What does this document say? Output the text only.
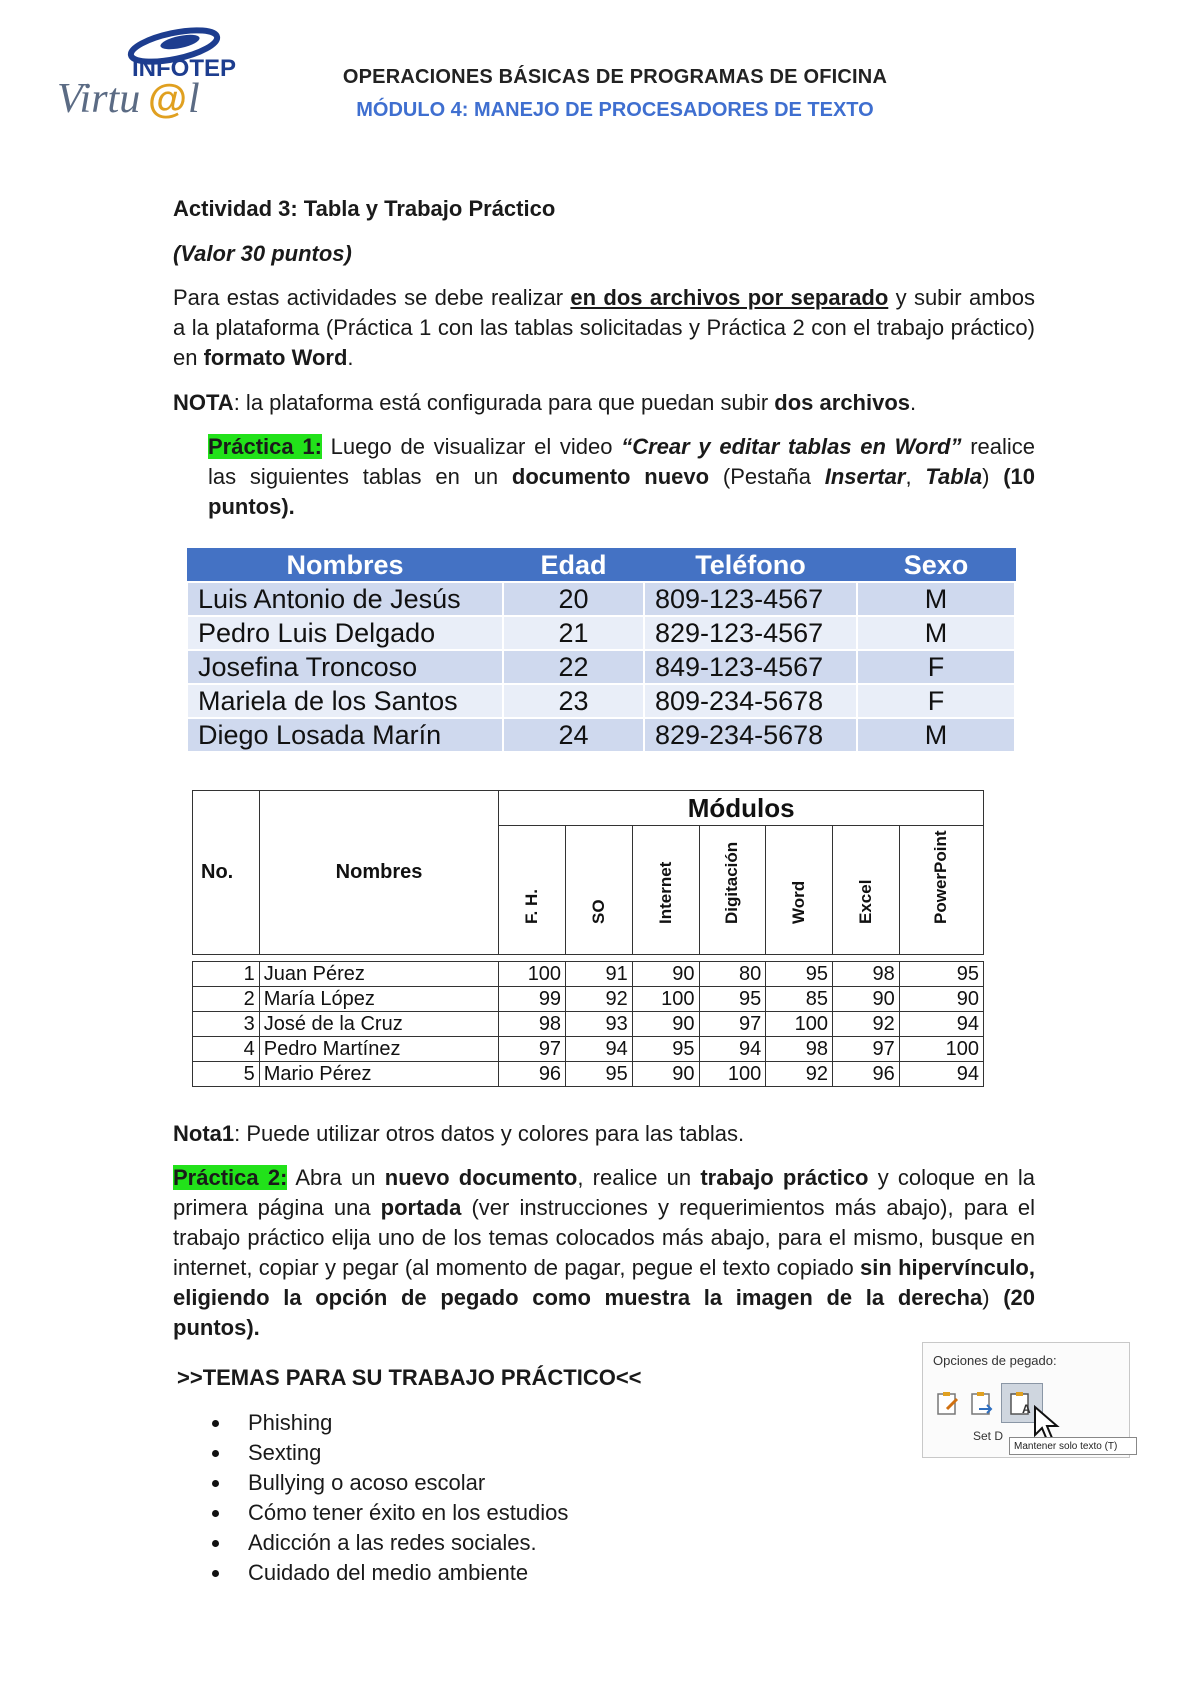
INFOTEP
Virtu @ l	OPERACIONES BÁSICAS DE PROGRAMAS DE OFICINA
MÓDULO 4: MANEJO DE PROCESADORES DE TEXTO
Actividad 3: Tabla y Trabajo Práctico
(Valor 30 puntos)
Para estas actividades se debe realizar en dos archivos por separado y subir ambos a la plataforma (Práctica 1 con las tablas solicitadas y Práctica 2 con el trabajo práctico) en formato Word.
NOTA: la plataforma está configurada para que puedan subir dos archivos.
Práctica 1: Luego de visualizar el video “Crear y editar tablas en Word” realice las siguientes tablas en un documento nuevo (Pestaña Insertar, Tabla) (10 puntos).
Nombres	Edad	Teléfono	Sexo
Luis Antonio de Jesús	20	809-123-4567	M
Pedro Luis Delgado	21	829-123-4567	M
Josefina Troncoso	22	849-123-4567	F
Mariela de los Santos	23	809-234-5678	F
Diego Losada Marín	24	829-234-5678	M
No.	Nombres	Módulos						

		F. H.	SO	Internet	Digitación	Word	Excel	PowerPoint

1	Juan Pérez	100	91	90	80	95	98	95
2	María López	99	92	100	95	85	90	90
3	José de la Cruz	98	93	90	97	100	92	94
4	Pedro Martínez	97	94	95	94	98	97	100
5	Mario Pérez	96	95	90	100	92	96	94
Nota1: Puede utilizar otros datos y colores para las tablas.
Práctica 2: Abra un nuevo documento, realice un trabajo práctico y coloque en la primera página una portada (ver instrucciones y requerimientos más abajo), para el trabajo práctico elija uno de los temas colocados más abajo, para el mismo, busque en internet, copiar y pegar (al momento de pagar, pegue el texto copiado sin hipervínculo, eligiendo la opción de pegado como muestra la imagen de la derecha) (20 puntos).
>>TEMAS PARA SU TRABAJO PRÁCTICO<<
Phishing
Sexting
Bullying o acoso escolar
Cómo tener éxito en los estudios
Adicción a las redes sociales.
Cuidado del medio ambiente
Opciones de pegado:
A
Set D
Mantener solo texto (T)
